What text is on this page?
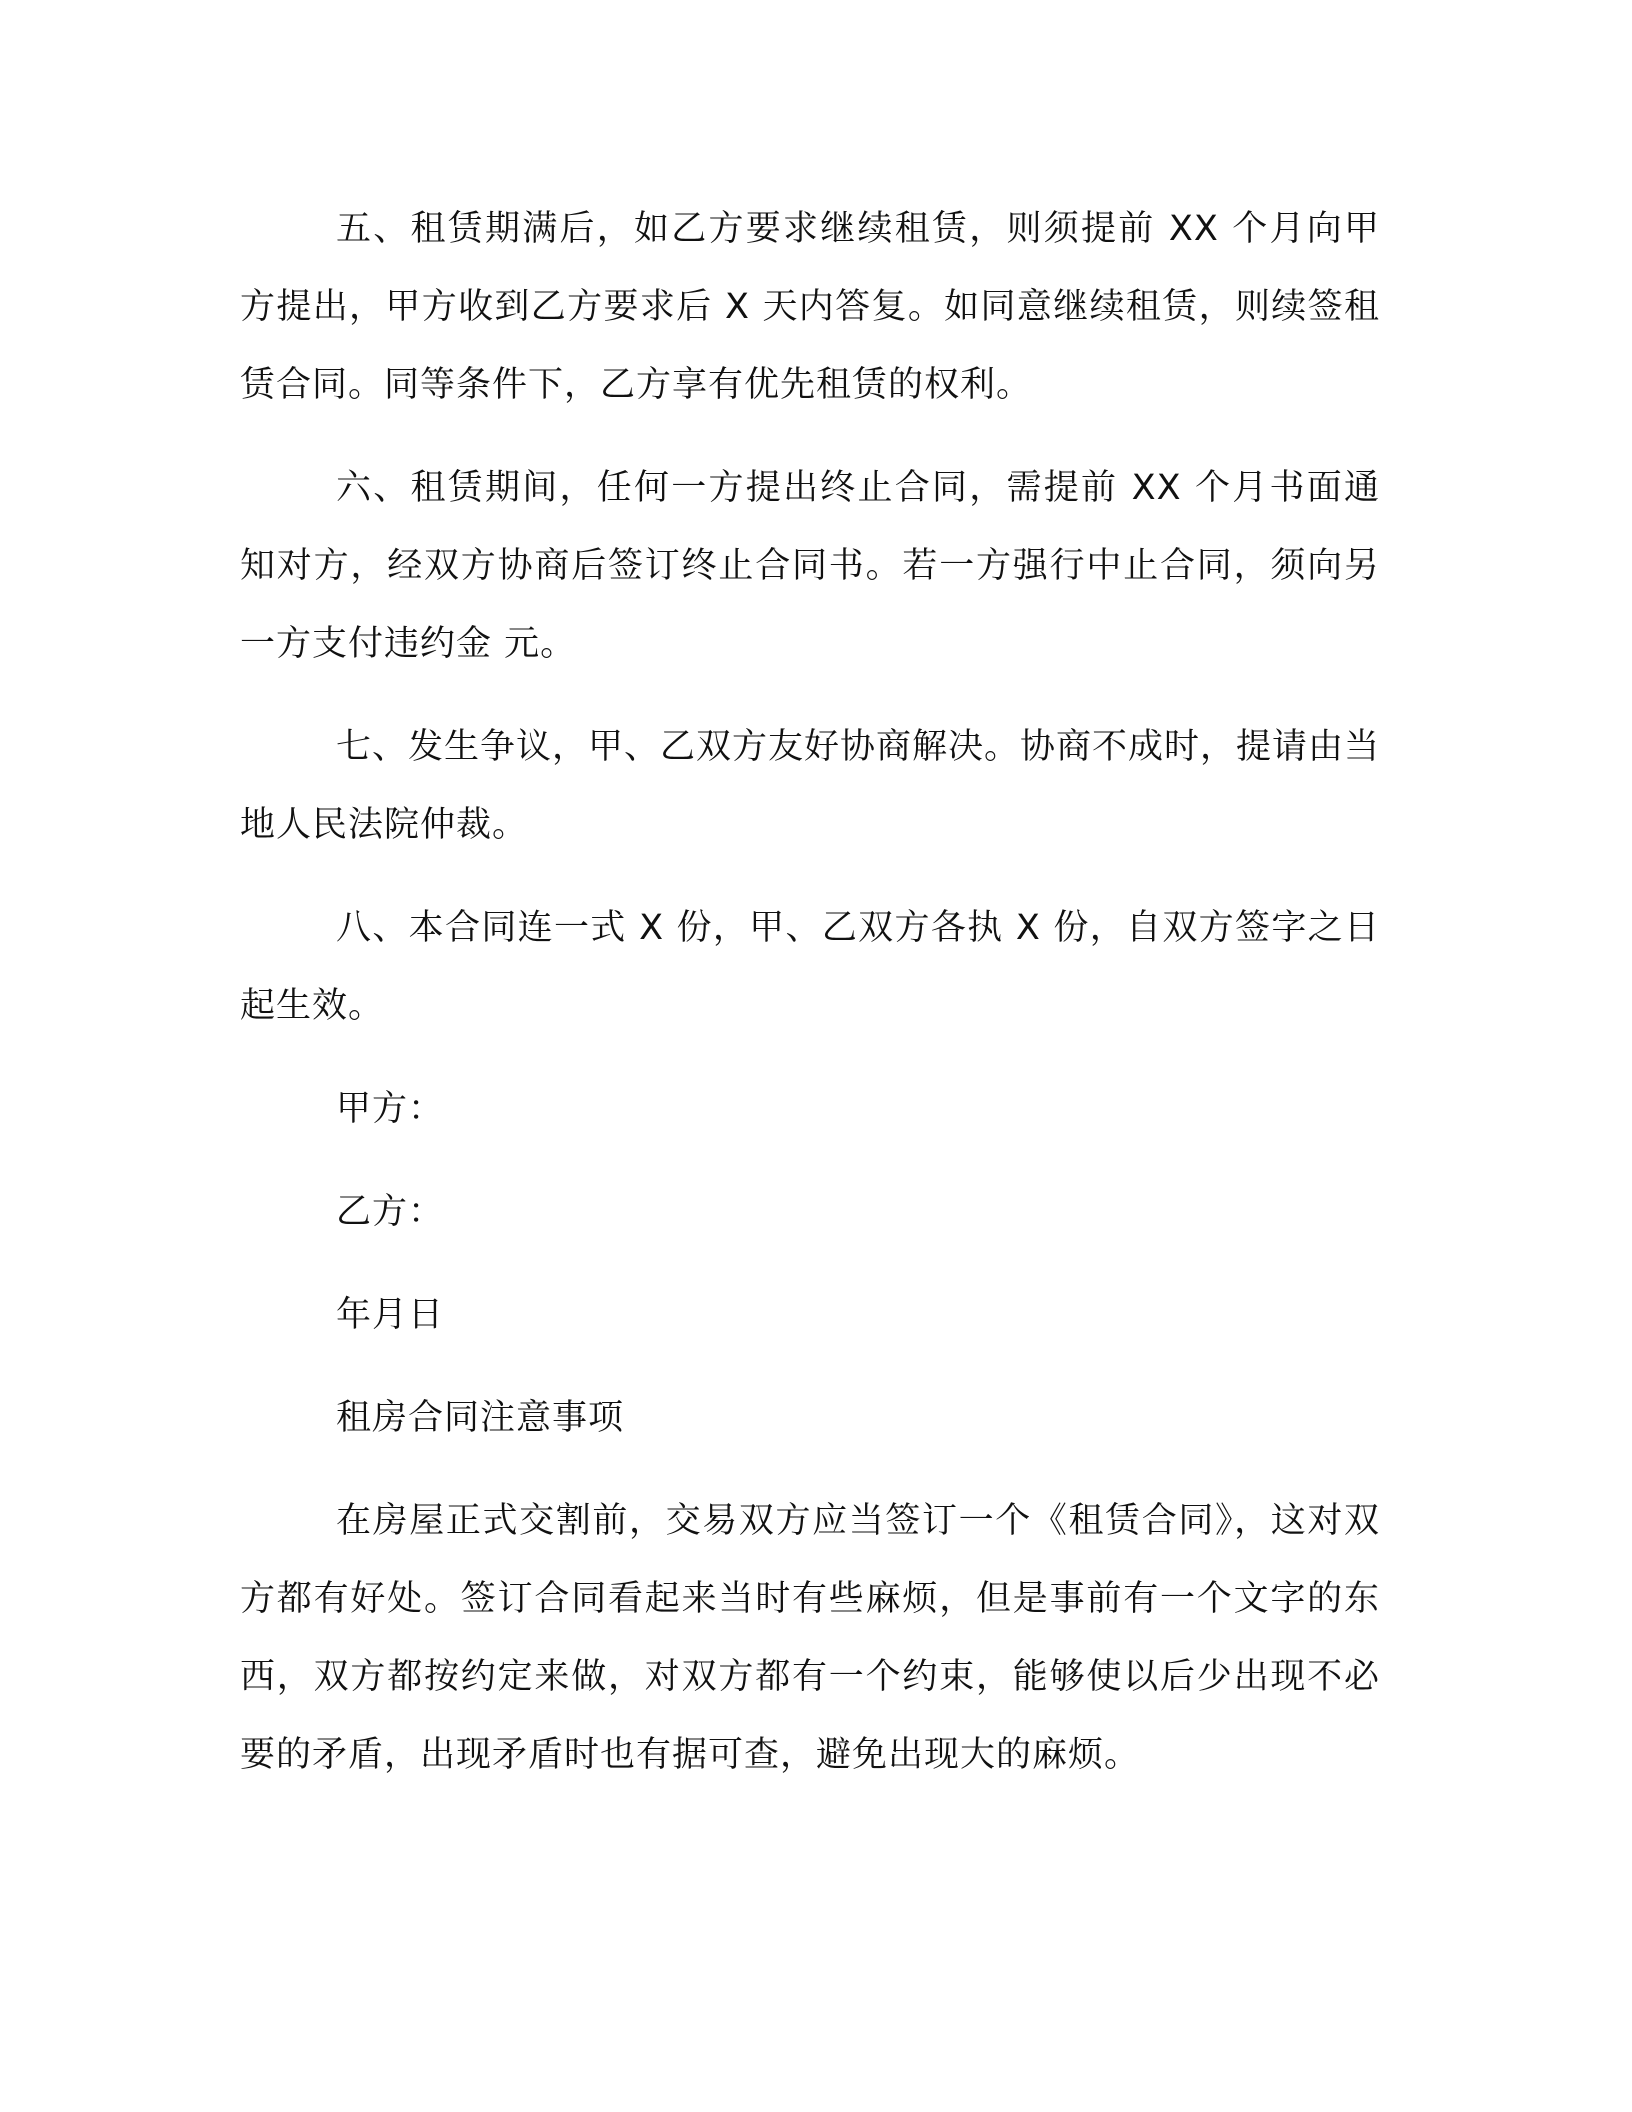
五、租赁期满后，如乙方要求继续租赁，则须提前 XX 个月向甲方提出，甲方收到乙方要求后 X 天内答复。如同意继续租赁，则续签租赁合同。同等条件下，乙方享有优先租赁的权利。

六、租赁期间，任何一方提出终止合同，需提前 XX 个月书面通知对方，经双方协商后签订终止合同书。若一方强行中止合同，须向另一方支付违约金 元。

七、发生争议，甲、乙双方友好协商解决。协商不成时，提请由当地人民法院仲裁。

八、本合同连一式 X 份，甲、乙双方各执 X 份，自双方签字之日起生效。

甲方：

乙方：

年月日

租房合同注意事项

在房屋正式交割前，交易双方应当签订一个《租赁合同》，这对双方都有好处。签订合同看起来当时有些麻烦，但是事前有一个文字的东西，双方都按约定来做，对双方都有一个约束，能够使以后少出现不必要的矛盾，出现矛盾时也有据可查，避免出现大的麻烦。
